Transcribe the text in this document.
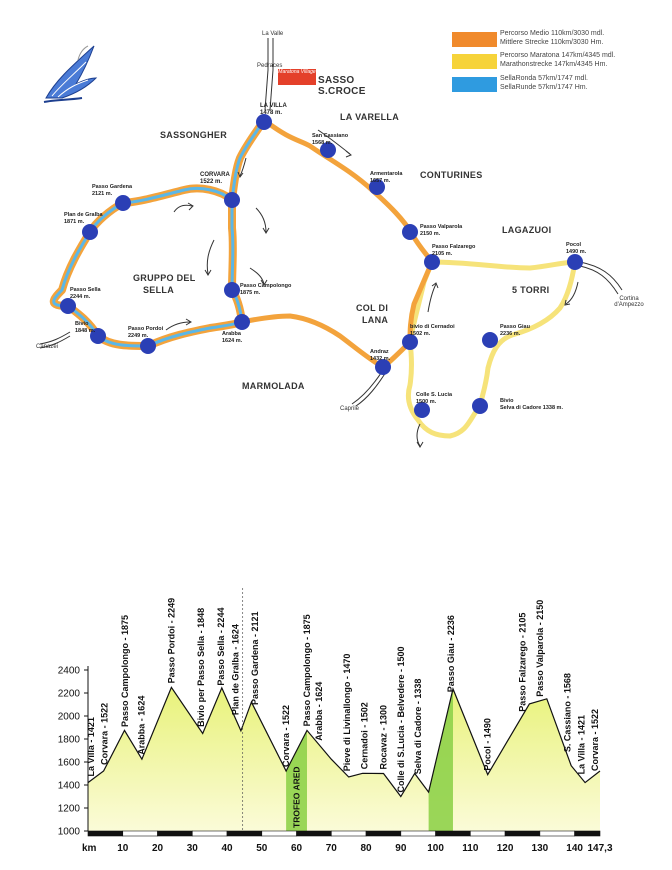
Percorso Medio 110km/3030 mdl.
Mittlere Strecke 110km/3030 Hm.
Percorso Maratona 147km/4345 mdl.
Marathonstrecke 147km/4345 Hm.
SellaRonda 57km/1747 mdl.
SellaRunde 57km/1747 Hm.
Maratona Village
SASSONGHER
LA VARELLA
CONTURINES
LAGAZUOI
GRUPPO DEL
SELLA	5 TORRI
COL DI
LANA
MARMOLADA
SASSO
S.CROCE
La Valle
Pedraces
Canazei
Cortina d'Ampezzo
Caprile
LA VILLA
1478 m.
San Cassiano
1568 m.
Armentarola
1657 m.
Passo Valparola
2150 m.
Passo Falzarego
2105 m.
Pocol
1490 m.
Passo Giau
2236 m.
Bivio
Selva di Cadore 1338 m.
Colle S. Lucia
1500 m.
Andraz
1432 m.
bivio di Cernadoi
1502 m.
CORVARA
1522 m.
Passo Gardena
2121 m.
Plan de Gralba
1871 m.
Passo Sella
2244 m.
Bivio
1848 m.	Passo Pordoi
2249 m.	Arabba
1624 m.
Passo Campolongo
1875 m.
2400
2200
2000
1800
1600
1400
1200
1000
km 10 20 30 40 50 60 70 80 90 100 110 120 130 140 147,3
La Villa - 1421 Corvara - 1522
Passo Campolongo - 1875 Arabba - 1624
Passo Pordoi - 2249 Bivio per Passo Sella - 1848 Passo Sella - 2244 Plan de Gralba - 1624 Passo Gardena - 2121
Corvara - 1522
Passo Campolongo - 1875 Arabba - 1624 Pieve di Livinallongo - 1470 Cernadoi - 1502 Rocavaz - 1300 Colle di S.Lucia - Belvedere - 1500 Selva di Cadore - 1338
Passo Giau - 2236
Pocol - 1490
Passo Falzarego - 2105 Passo Valparola - 2150
S. Cassiano - 1568 La Villa - 1421 Corvara - 1522
TROFEO ARED
